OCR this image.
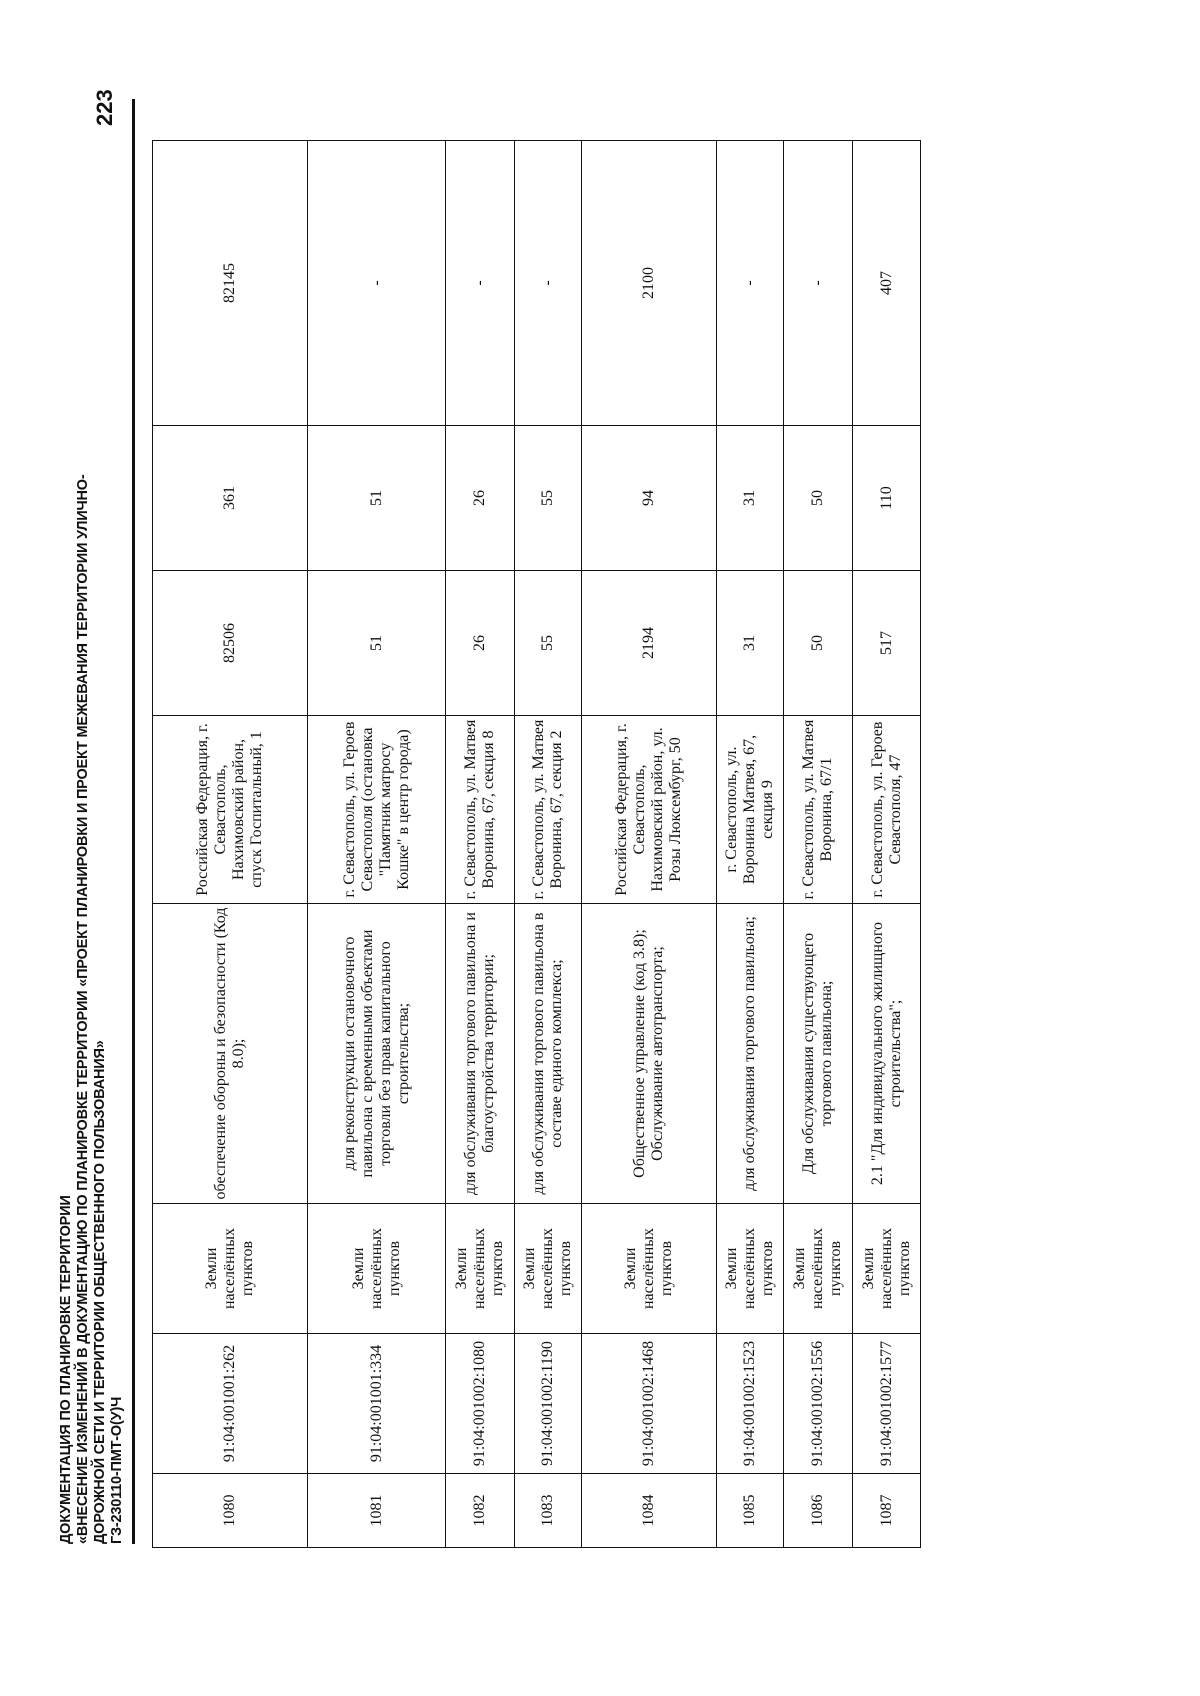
ДОКУМЕНТАЦИЯ ПО ПЛАНИРОВКЕ ТЕРРИТОРИИ «ВНЕСЕНИЕ ИЗМЕНЕНИЙ В ДОКУМЕНТАЦИЮ ПО ПЛАНИРОВКЕ ТЕРРИТОРИИ «ПРОЕКТ ПЛАНИРОВКИ И ПРОЕКТ МЕЖЕВАНИЯ ТЕРРИТОРИИ УЛИЧНО- ДОРОЖНОЙ СЕТИ И ТЕРРИТОРИИ ОБЩЕСТВЕННОГО ПОЛЬЗОВАНИЯ» ГЗ-230110-ПМТ-О(У)Ч
223
1080	91:04:001001:262	Земли населённых пунктов	обеспечение обороны и безопасности (Код 8.0);	Российская Федерация, г. Севастополь, Нахимовский район, спуск Госпитальный, 1	82506	361	82145
1081	91:04:001001:334	Земли населённых пунктов	для реконструкции остановочного павильона с временными объектами торговли без права капитального строительства;	г. Севастополь, ул. Героев Севастополя (остановка "Памятник матросу Кошке" в центр города)	51	51	-
1082	91:04:001002:1080	Земли населённых пунктов	для обслуживания торгового павильона и благоустройства территории;	г. Севастополь, ул. Матвея Воронина, 67, секция 8	26	26	-
1083	91:04:001002:1190	Земли населённых пунктов	для обслуживания торгового павильона в составе единого комплекса;	г. Севастополь, ул. Матвея Воронина, 67, секция 2	55	55	-
1084	91:04:001002:1468	Земли населённых пунктов	Общественное управление (код 3.8); Обслуживание автотранспорта;	Российская Федерация, г. Севастополь, Нахимовский район, ул. Розы Люксембург, 50	2194	94	2100
1085	91:04:001002:1523	Земли населённых пунктов	для обслуживания торгового павильона;	г. Севастополь, ул. Воронина Матвея, 67, секция 9	31	31	-
1086	91:04:001002:1556	Земли населённых пунктов	Для обслуживания существующего торгового павильона;	г. Севастополь, ул. Матвея Воронина, 67/1	50	50	-
1087	91:04:001002:1577	Земли населённых пунктов	2.1 "Для индивидуального жилищного строительства";	г. Севастополь, ул. Героев Севастополя, 47	517	110	407
